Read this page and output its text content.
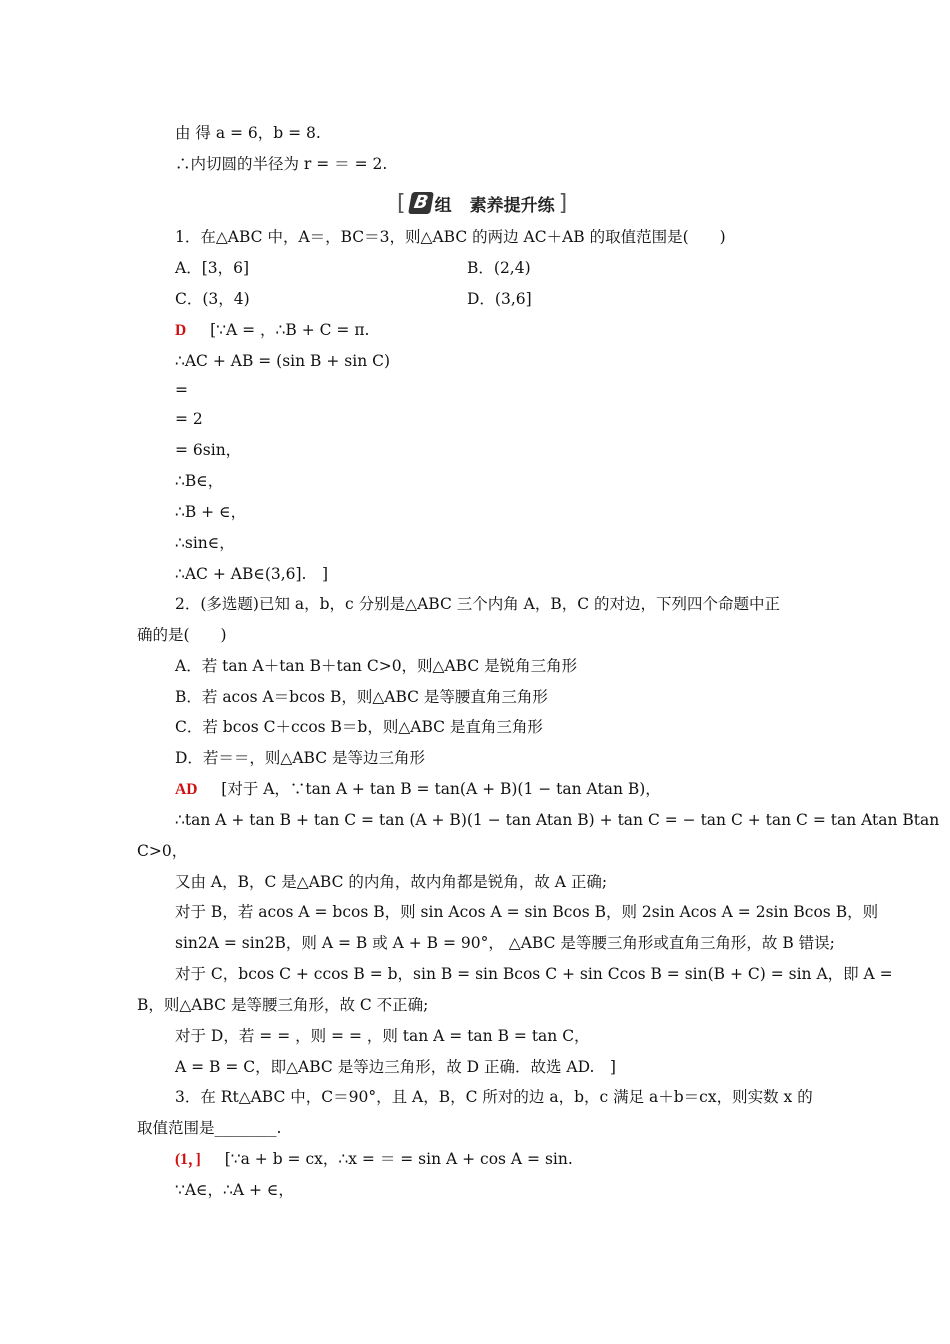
由 得 a = 6，b = 8.
∴内切圆的半径为 r = ＝ = 2.
[ B 组 素养提升练 ]
1．在△ABC 中，A＝，BC＝3，则△ABC 的两边 AC＋AB 的取值范围是(　　)
A．[3，6]	B．(2,4)
C．(3，4)	D．(3,6]
D [∵A = ，∴B + C = π.
∴AC + AB = (sin B + sin C)
=
= 2
= 6sin，
∴B∈，
∴B + ∈，
∴sin∈，
∴AC + AB∈(3,6].　]
2．(多选题)已知 a，b，c 分别是△ABC 三个内角 A，B，C 的对边，下列四个命题中正
确的是(　　)
A．若 tan A＋tan B＋tan C>0，则△ABC 是锐角三角形
B．若 acos A＝bcos B，则△ABC 是等腰直角三角形
C．若 bcos C＋ccos B＝b，则△ABC 是直角三角形
D．若＝＝，则△ABC 是等边三角形
AD [对于 A，∵tan A + tan B = tan(A + B)(1 − tan Atan B)，
∴tan A + tan B + tan C = tan (A + B)(1 − tan Atan B) + tan C = − tan C + tan C = tan Atan Btan
C>0，
又由 A，B，C 是△ABC 的内角，故内角都是锐角，故 A 正确;
对于 B，若 acos A = bcos B，则 sin Acos A = sin Bcos B，则 2sin Acos A = 2sin Bcos B，则
sin2A = sin2B，则 A = B 或 A + B = 90°， △ABC 是等腰三角形或直角三角形，故 B 错误;
对于 C，bcos C + ccos B = b，sin B = sin Bcos C + sin Ccos B = sin(B + C) = sin A，即 A =
B，则△ABC 是等腰三角形，故 C 不正确;
对于 D，若 = = ，则 = = ，则 tan A = tan B = tan C，
A = B = C，即△ABC 是等边三角形，故 D 正确．故选 AD.　]
3．在 Rt△ABC 中，C＝90°，且 A，B，C 所对的边 a，b，c 满足 a＋b＝cx，则实数 x 的
取值范围是________.
(1，] [∵a + b = cx，∴x = ＝ = sin A + cos A = sin.
∵A∈，∴A + ∈，
